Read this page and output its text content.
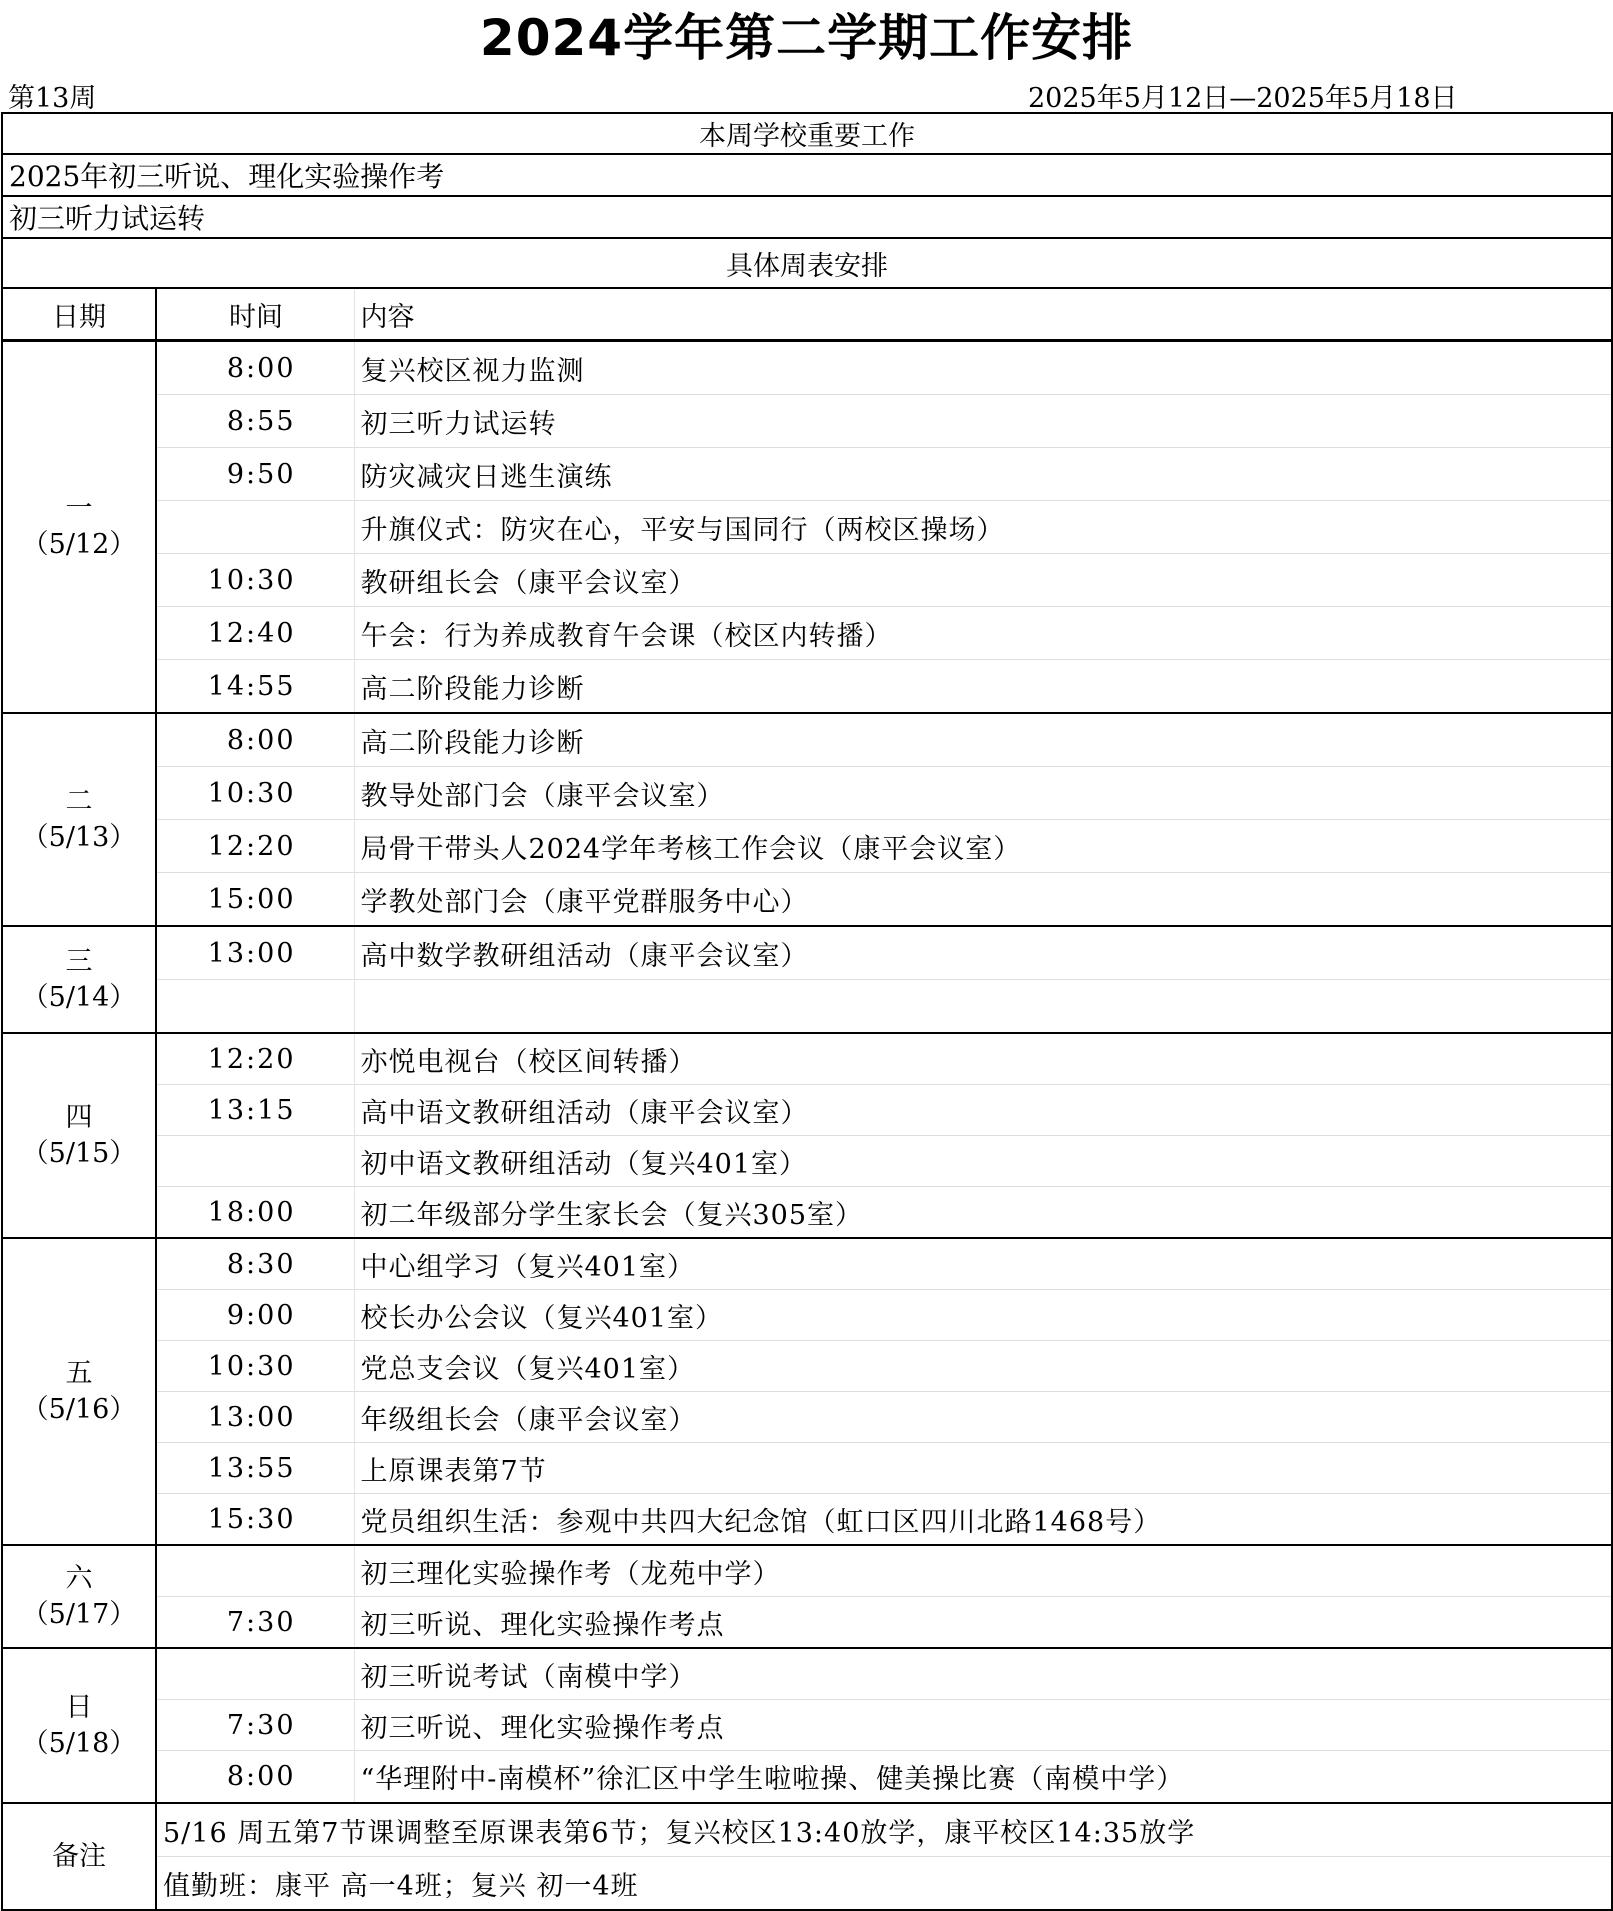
2024学年第二学期工作安排
第13周	2025年5月12日—2025年5月18日
本周学校重要工作		
2025年初三听说、理化实验操作考		
初三听力试运转		
具体周表安排		
日期	时间	内容

一
（5/12）	8:00	复兴校区视力监测
	8:55	初三听力试运转
	9:50	防灾减灾日逃生演练
		升旗仪式：防灾在心，平安与国同行（两校区操场）
	10:30	教研组长会（康平会议室）
	12:40	午会：行为养成教育午会课（校区内转播）
	14:55	高二阶段能力诊断

二
（5/13）	8:00	高二阶段能力诊断
	10:30	教导处部门会（康平会议室）
	12:20	局骨干带头人2024学年考核工作会议（康平会议室）
	15:00	学教处部门会（康平党群服务中心）

三
（5/14）	13:00	高中数学教研组活动（康平会议室）

四
（5/15）	12:20	亦悦电视台（校区间转播）
	13:15	高中语文教研组活动（康平会议室）
		初中语文教研组活动（复兴401室）
	18:00	初二年级部分学生家长会（复兴305室）

五
（5/16）	8:30	中心组学习（复兴401室）
	9:00	校长办公会议（复兴401室）
	10:30	党总支会议（复兴401室）
	13:00	年级组长会（康平会议室）
	13:55	上原课表第7节
	15:30	党员组织生活：参观中共四大纪念馆（虹口区四川北路1468号）

六
（5/17）		初三理化实验操作考（龙苑中学）
	7:30	初三听说、理化实验操作考点

日
（5/18）		初三听说考试（南模中学）
	7:30	初三听说、理化实验操作考点
	8:00	“华理附中-南模杯”徐汇区中学生啦啦操、健美操比赛（南模中学）
备注	5/16 周五第7节课调整至原课表第6节；复兴校区13:40放学，康平校区14:35放学	
	值勤班：康平 高一4班；复兴 初一4班	
